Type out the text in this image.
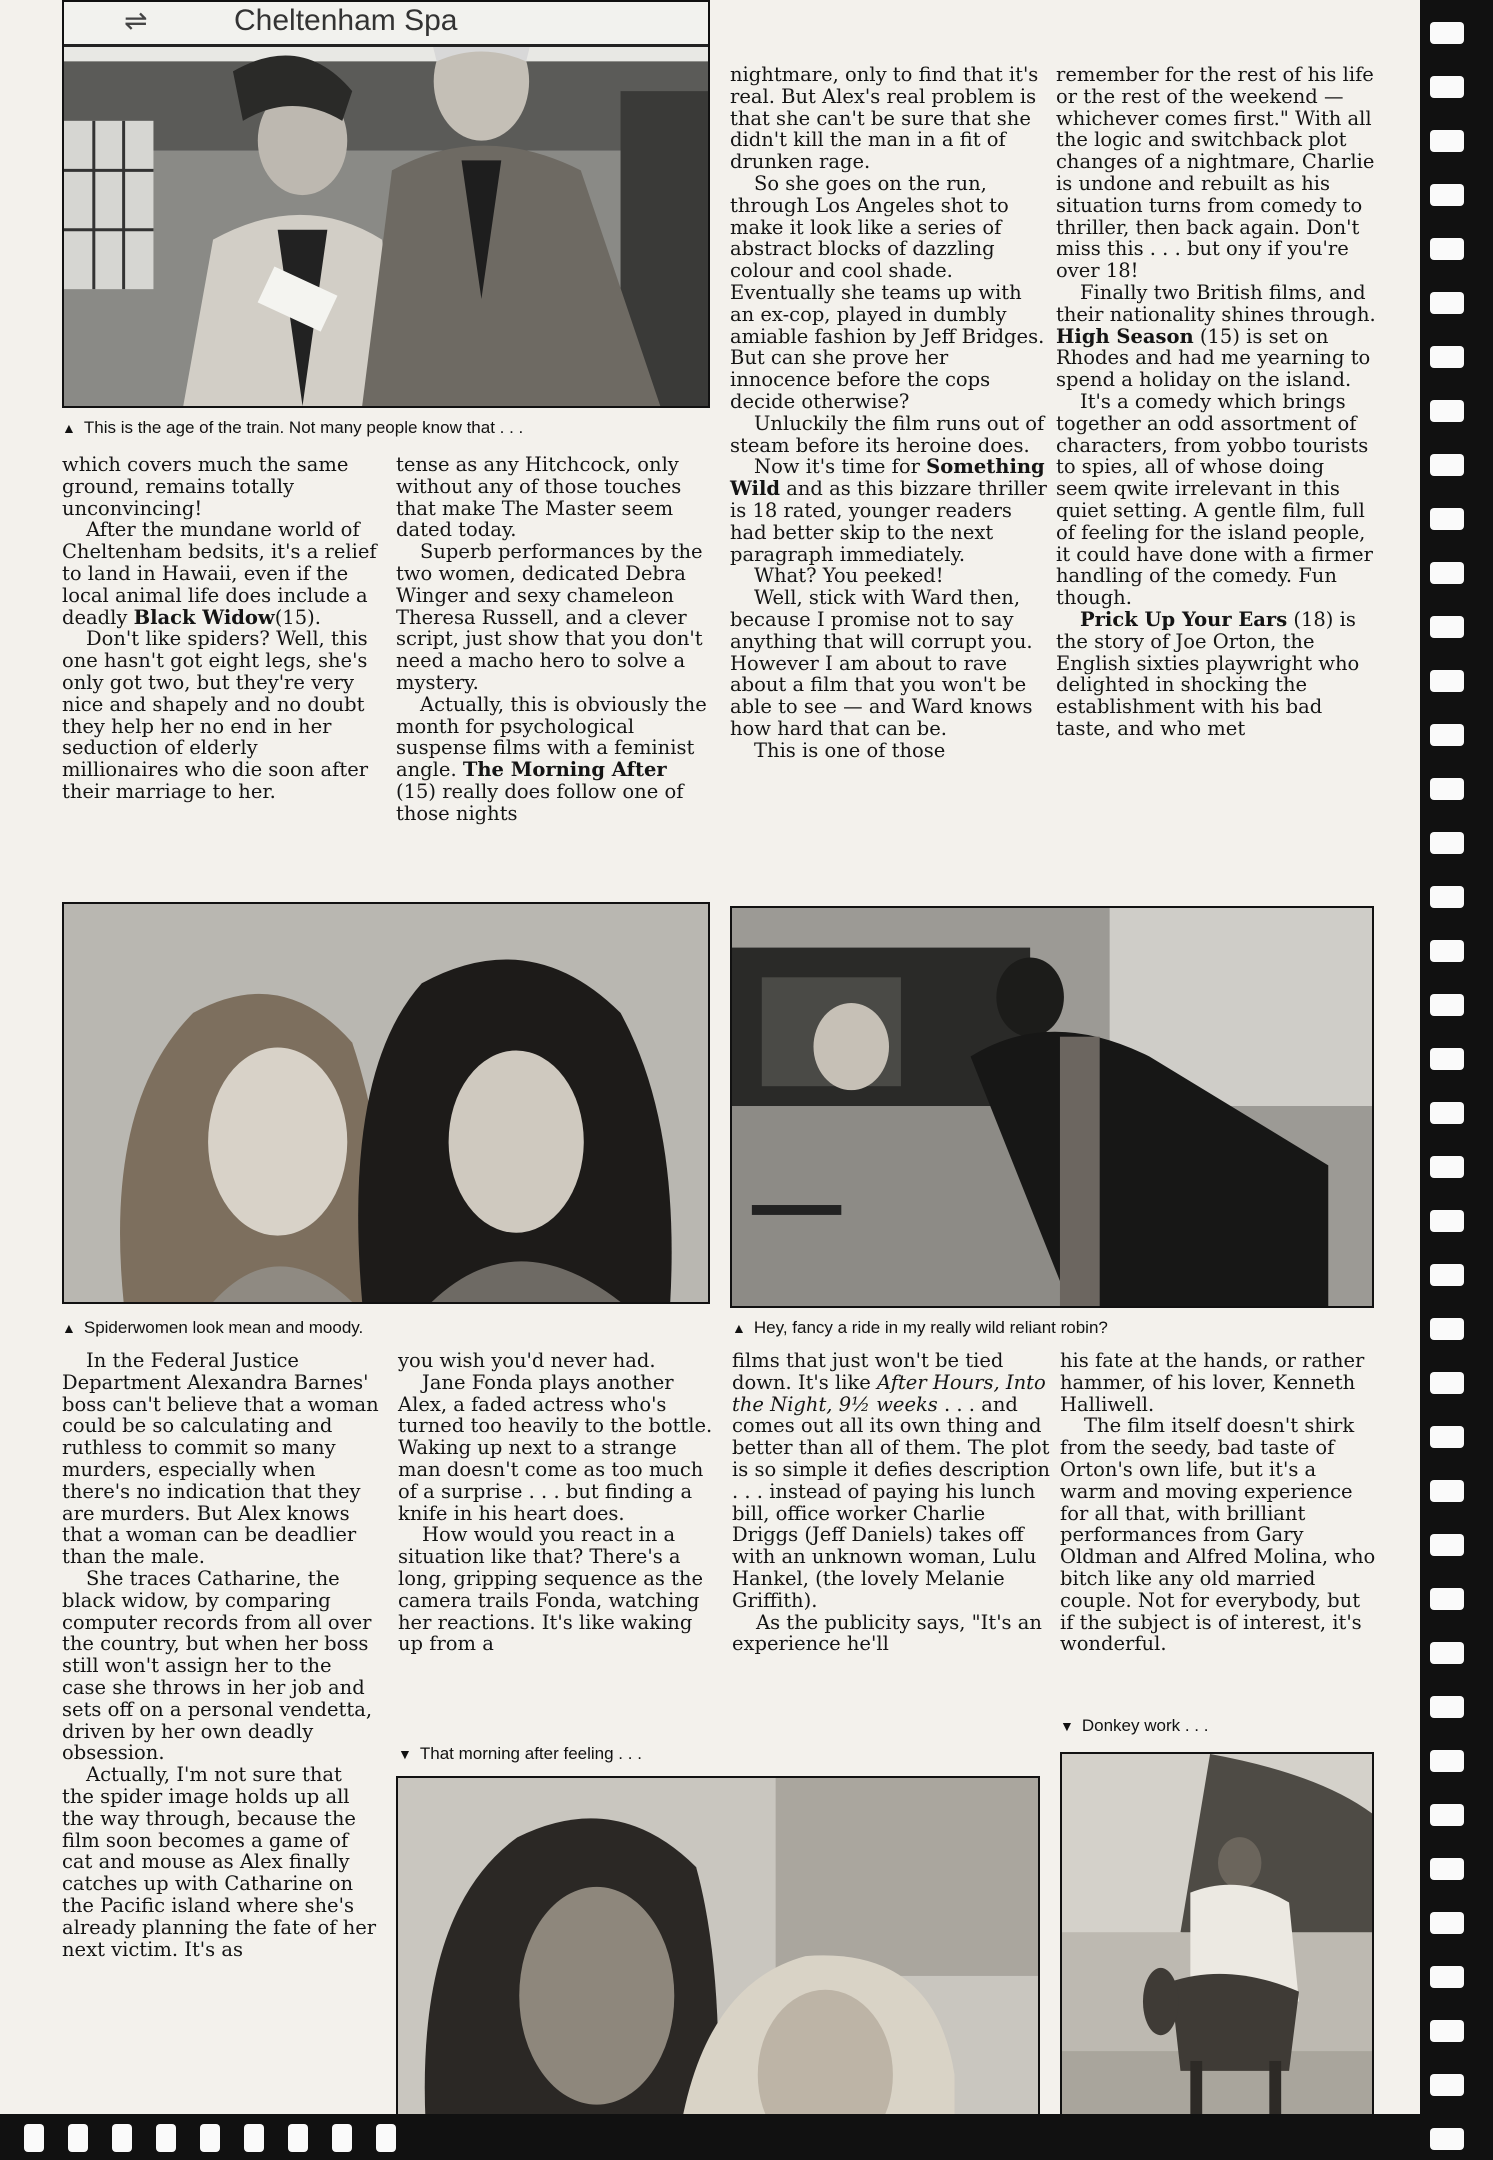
⇌	Cheltenham Spa
▲ This is the age of the train. Not many people know that . . .

nightmare, only to find that it's real. But Alex's real problem is that she can't be sure that she didn't kill the man in a fit of drunken rage.

So she goes on the run, through Los Angeles shot to make it look like a series of abstract blocks of dazzling colour and cool shade. Eventually she teams up with an ex-cop, played in dumbly amiable fashion by Jeff Bridges. But can she prove her innocence before the cops decide otherwise?

Unluckily the film runs out of steam before its heroine does.

Now it's time for Something Wild and as this bizzare thriller is 18 rated, younger readers had better skip to the next paragraph immediately.

What? You peeked!

Well, stick with Ward then, because I promise not to say anything that will corrupt you. However I am about to rave about a film that you won't be able to see — and Ward knows how hard that can be.

This is one of those

remember for the rest of his life or the rest of the weekend — whichever comes first." With all the logic and switchback plot changes of a nightmare, Charlie is undone and rebuilt as his situation turns from comedy to thriller, then back again. Don't miss this . . . but ony if you're over 18!

Finally two British films, and their nationality shines through. High Season (15) is set on Rhodes and had me yearning to spend a holiday on the island.

It's a comedy which brings together an odd assortment of characters, from yobbo tourists to spies, all of whose doing seem qwite irrelevant in this quiet setting. A gentle film, full of feeling for the island people, it could have done with a firmer handling of the comedy. Fun though.

Prick Up Your Ears (18) is the story of Joe Orton, the English sixties playwright who delighted in shocking the establishment with his bad taste, and who met

which covers much the same ground, remains totally unconvincing!

After the mundane world of Cheltenham bedsits, it's a relief to land in Hawaii, even if the local animal life does include a deadly Black Widow(15).

Don't like spiders? Well, this one hasn't got eight legs, she's only got two, but they're very nice and shapely and no doubt they help her no end in her seduction of elderly millionaires who die soon after their marriage to her.

tense as any Hitchcock, only without any of those touches that make The Master seem dated today.

Superb performances by the two women, dedicated Debra Winger and sexy chameleon Theresa Russell, and a clever script, just show that you don't need a macho hero to solve a mystery.

Actually, this is obviously the month for psychological suspense films with a feminist angle. The Morning After (15) really does follow one of those nights

▲ Spiderwomen look mean and moody.	▲ Hey, fancy a ride in my really wild reliant robin?

In the Federal Justice Department Alexandra Barnes' boss can't believe that a woman could be so calculating and ruthless to commit so many murders, especially when there's no indication that they are murders. But Alex knows that a woman can be deadlier than the male.

She traces Catharine, the black widow, by comparing computer records from all over the country, but when her boss still won't assign her to the case she throws in her job and sets off on a personal vendetta, driven by her own deadly obsession.

Actually, I'm not sure that the spider image holds up all the way through, because the film soon becomes a game of cat and mouse as Alex finally catches up with Catharine on the Pacific island where she's already planning the fate of her next victim. It's as

you wish you'd never had.

Jane Fonda plays another Alex, a faded actress who's turned too heavily to the bottle. Waking up next to a strange man doesn't come as too much of a surprise . . . but finding a knife in his heart does.

How would you react in a situation like that? There's a long, gripping sequence as the camera trails Fonda, watching her reactions. It's like waking up from a

▼ That morning after feeling . . .

films that just won't be tied down. It's like After Hours, Into the Night, 9½ weeks . . . and comes out all its own thing and better than all of them. The plot is so simple it defies description . . . instead of paying his lunch bill, office worker Charlie Driggs (Jeff Daniels) takes off with an unknown woman, Lulu Hankel, (the lovely Melanie Griffith).

As the publicity says, "It's an experience he'll

his fate at the hands, or rather hammer, of his lover, Kenneth Halliwell.

The film itself doesn't shirk from the seedy, bad taste of Orton's own life, but it's a warm and moving experience for all that, with brilliant performances from Gary Oldman and Alfred Molina, who bitch like any old married couple. Not for everybody, but if the subject is of interest, it's wonderful.

▼ Donkey work . . .
